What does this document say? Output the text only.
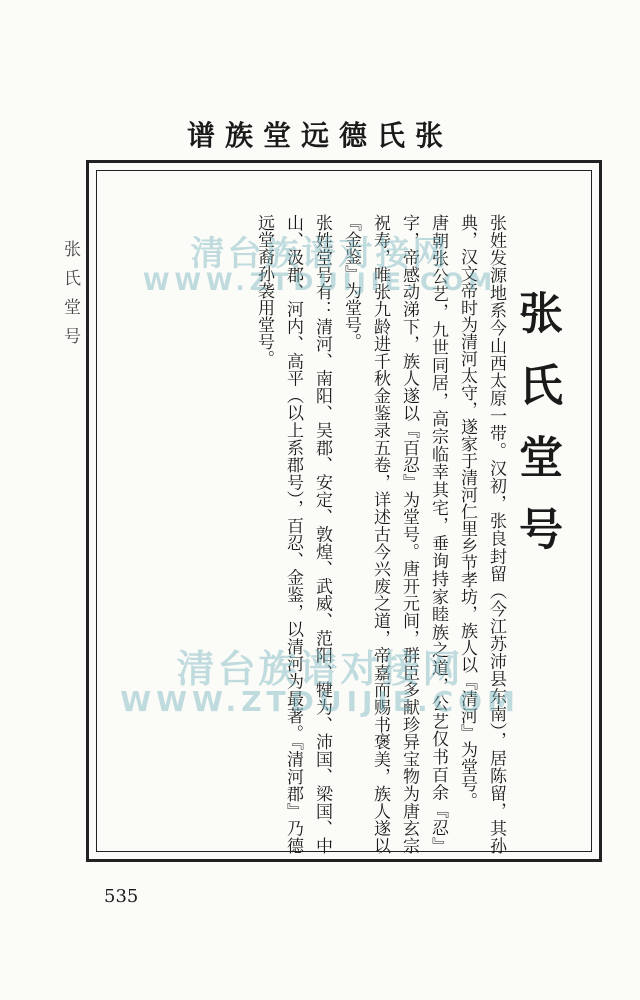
谱族堂远德氏张
张氏堂号	张氏堂号

张姓发源地系今山西太原一带。汉初，张良封留（今江苏沛县东南），居陈留，其孙典，汉文帝时为清河太守，遂家于清河仁里乡节孝坊，族人以『清河』为堂号。

唐朝张公艺，九世同居，高宗临幸其宅，垂询持家睦族之道，公艺仅书百余『忍』字，帝感动涕下，族人遂以『百忍』为堂号。唐开元间，群臣多献珍异宝物为唐玄宗祝寿，唯张九龄进千秋金鉴录五卷，详述古今兴废之道，帝嘉而赐书褒美，族人遂以『金鉴』为堂号。

张姓堂号有：清河、南阳、吴郡、安定、敦煌、武威、范阳、犍为、沛国、梁国、中山、汲郡、河内、高平（以上系郡号），百忍、金鉴，以清河为最著。『清河郡』乃德远堂裔孙袭用堂号。

清台族谱对接网
WWW.ZTDUIJIE.COM
清台族谱对接网
WWW.ZTDUIJIE.COM
535
